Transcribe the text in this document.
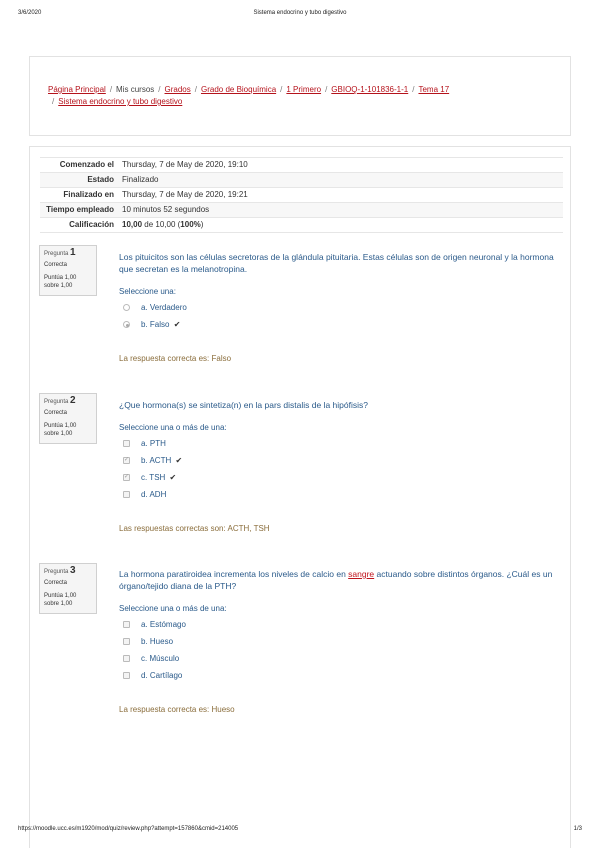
3/6/2020	Sistema endocrino y tubo digestivo
Página Principal / Mis cursos / Grados / Grado de Bioquímica / 1 Primero / GBIOQ-1-101836-1-1 / Tema 17
/ Sistema endocrino y tubo digestivo
Comenzado el	Thursday, 7 de May de 2020, 19:10
Estado	Finalizado
Finalizado en	Thursday, 7 de May de 2020, 19:21
Tiempo empleado	10 minutos 52 segundos
Calificación	10,00 de 10,00 (100%)
Pregunta 1
Correcta
Puntúa 1,00 sobre 1,00
Los pituicitos son las células secretoras de la glándula pituitaria. Estas células son de origen neuronal y la hormona que secretan es la melanotropina.
Seleccione una:
a. Verdadero
b. Falso ✔
La respuesta correcta es: Falso
Pregunta 2
Correcta
Puntúa 1,00 sobre 1,00
¿Que hormona(s) se sintetiza(n) en la pars distalis de la hipófisis?
Seleccione una o más de una:
a. PTH
✓
b. ACTH ✔
✓
c. TSH ✔
d. ADH
Las respuestas correctas son: ACTH, TSH
Pregunta 3
Correcta
Puntúa 1,00 sobre 1,00
La hormona paratiroidea incrementa los niveles de calcio en sangre actuando sobre distintos órganos. ¿Cuál es un órgano/tejido diana de la PTH?
Seleccione una o más de una:
a. Estómago
b. Hueso
c. Músculo
d. Cartílago
La respuesta correcta es: Hueso
https://moodle.ucc.es/m1920/mod/quiz/review.php?attempt=157860&cmid=214005	1/3
